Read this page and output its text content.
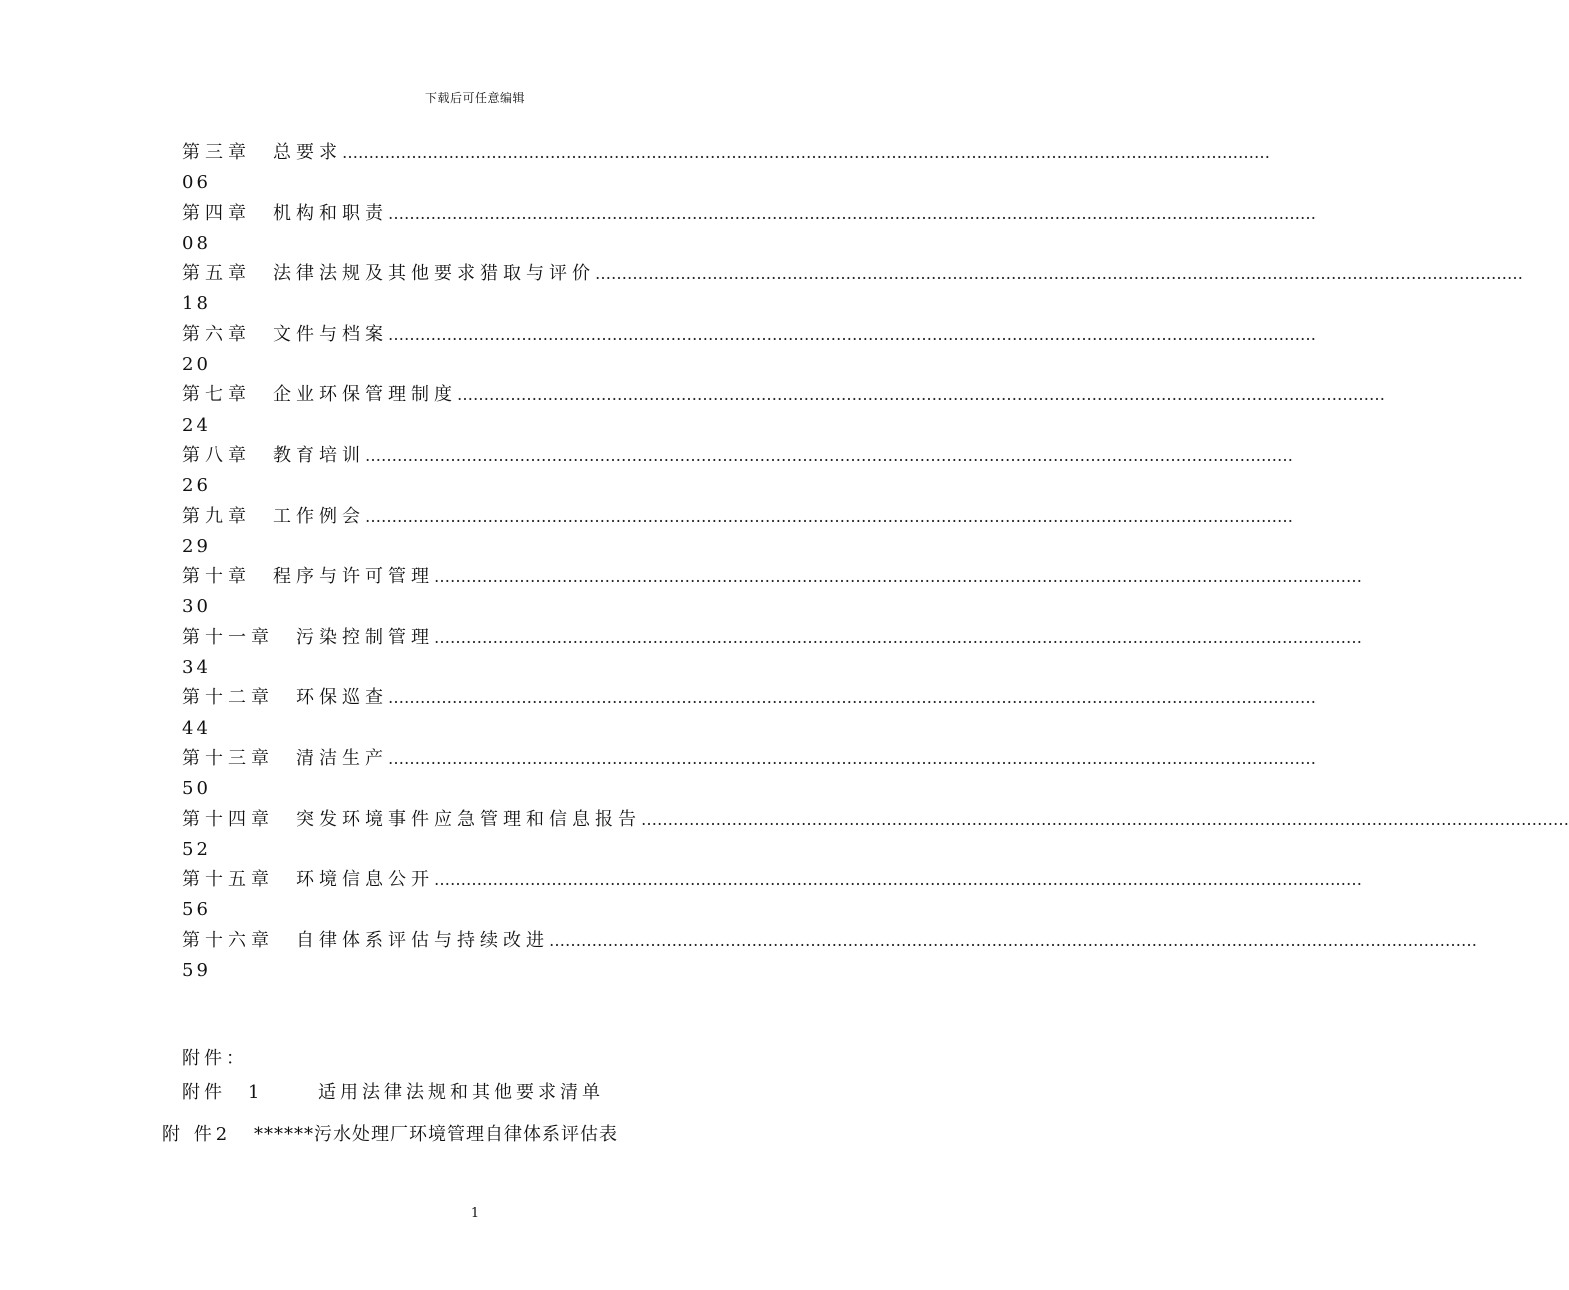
下载后可任意编辑
第三章 总要求 …………………………………………………………………………………………………………………………………………………………
06
第四章 机构和职责 …………………………………………………………………………………………………………………………………………………………
08
第五章 法律法规及其他要求猎取与评价 …………………………………………………………………………………………………………………………………………………………
18
第六章 文件与档案 …………………………………………………………………………………………………………………………………………………………
20
第七章 企业环保管理制度 …………………………………………………………………………………………………………………………………………………………
24
第八章 教育培训 …………………………………………………………………………………………………………………………………………………………
26
第九章 工作例会 …………………………………………………………………………………………………………………………………………………………
29
第十章 程序与许可管理 …………………………………………………………………………………………………………………………………………………………
30
第十一章 污染控制管理 …………………………………………………………………………………………………………………………………………………………
34
第十二章 环保巡查 …………………………………………………………………………………………………………………………………………………………
44
第十三章 清洁生产 …………………………………………………………………………………………………………………………………………………………
50
第十四章 突发环境事件应急管理和信息报告 …………………………………………………………………………………………………………………………………………………………
52
第十五章 环境信息公开 …………………………………………………………………………………………………………………………………………………………
56
第十六章 自律体系评估与持续改进 …………………………………………………………………………………………………………………………………………………………
59
附件：
附件 1	适用法律法规和其他要求清单
附 件2 ******污水处理厂环境管理自律体系评估表
1
